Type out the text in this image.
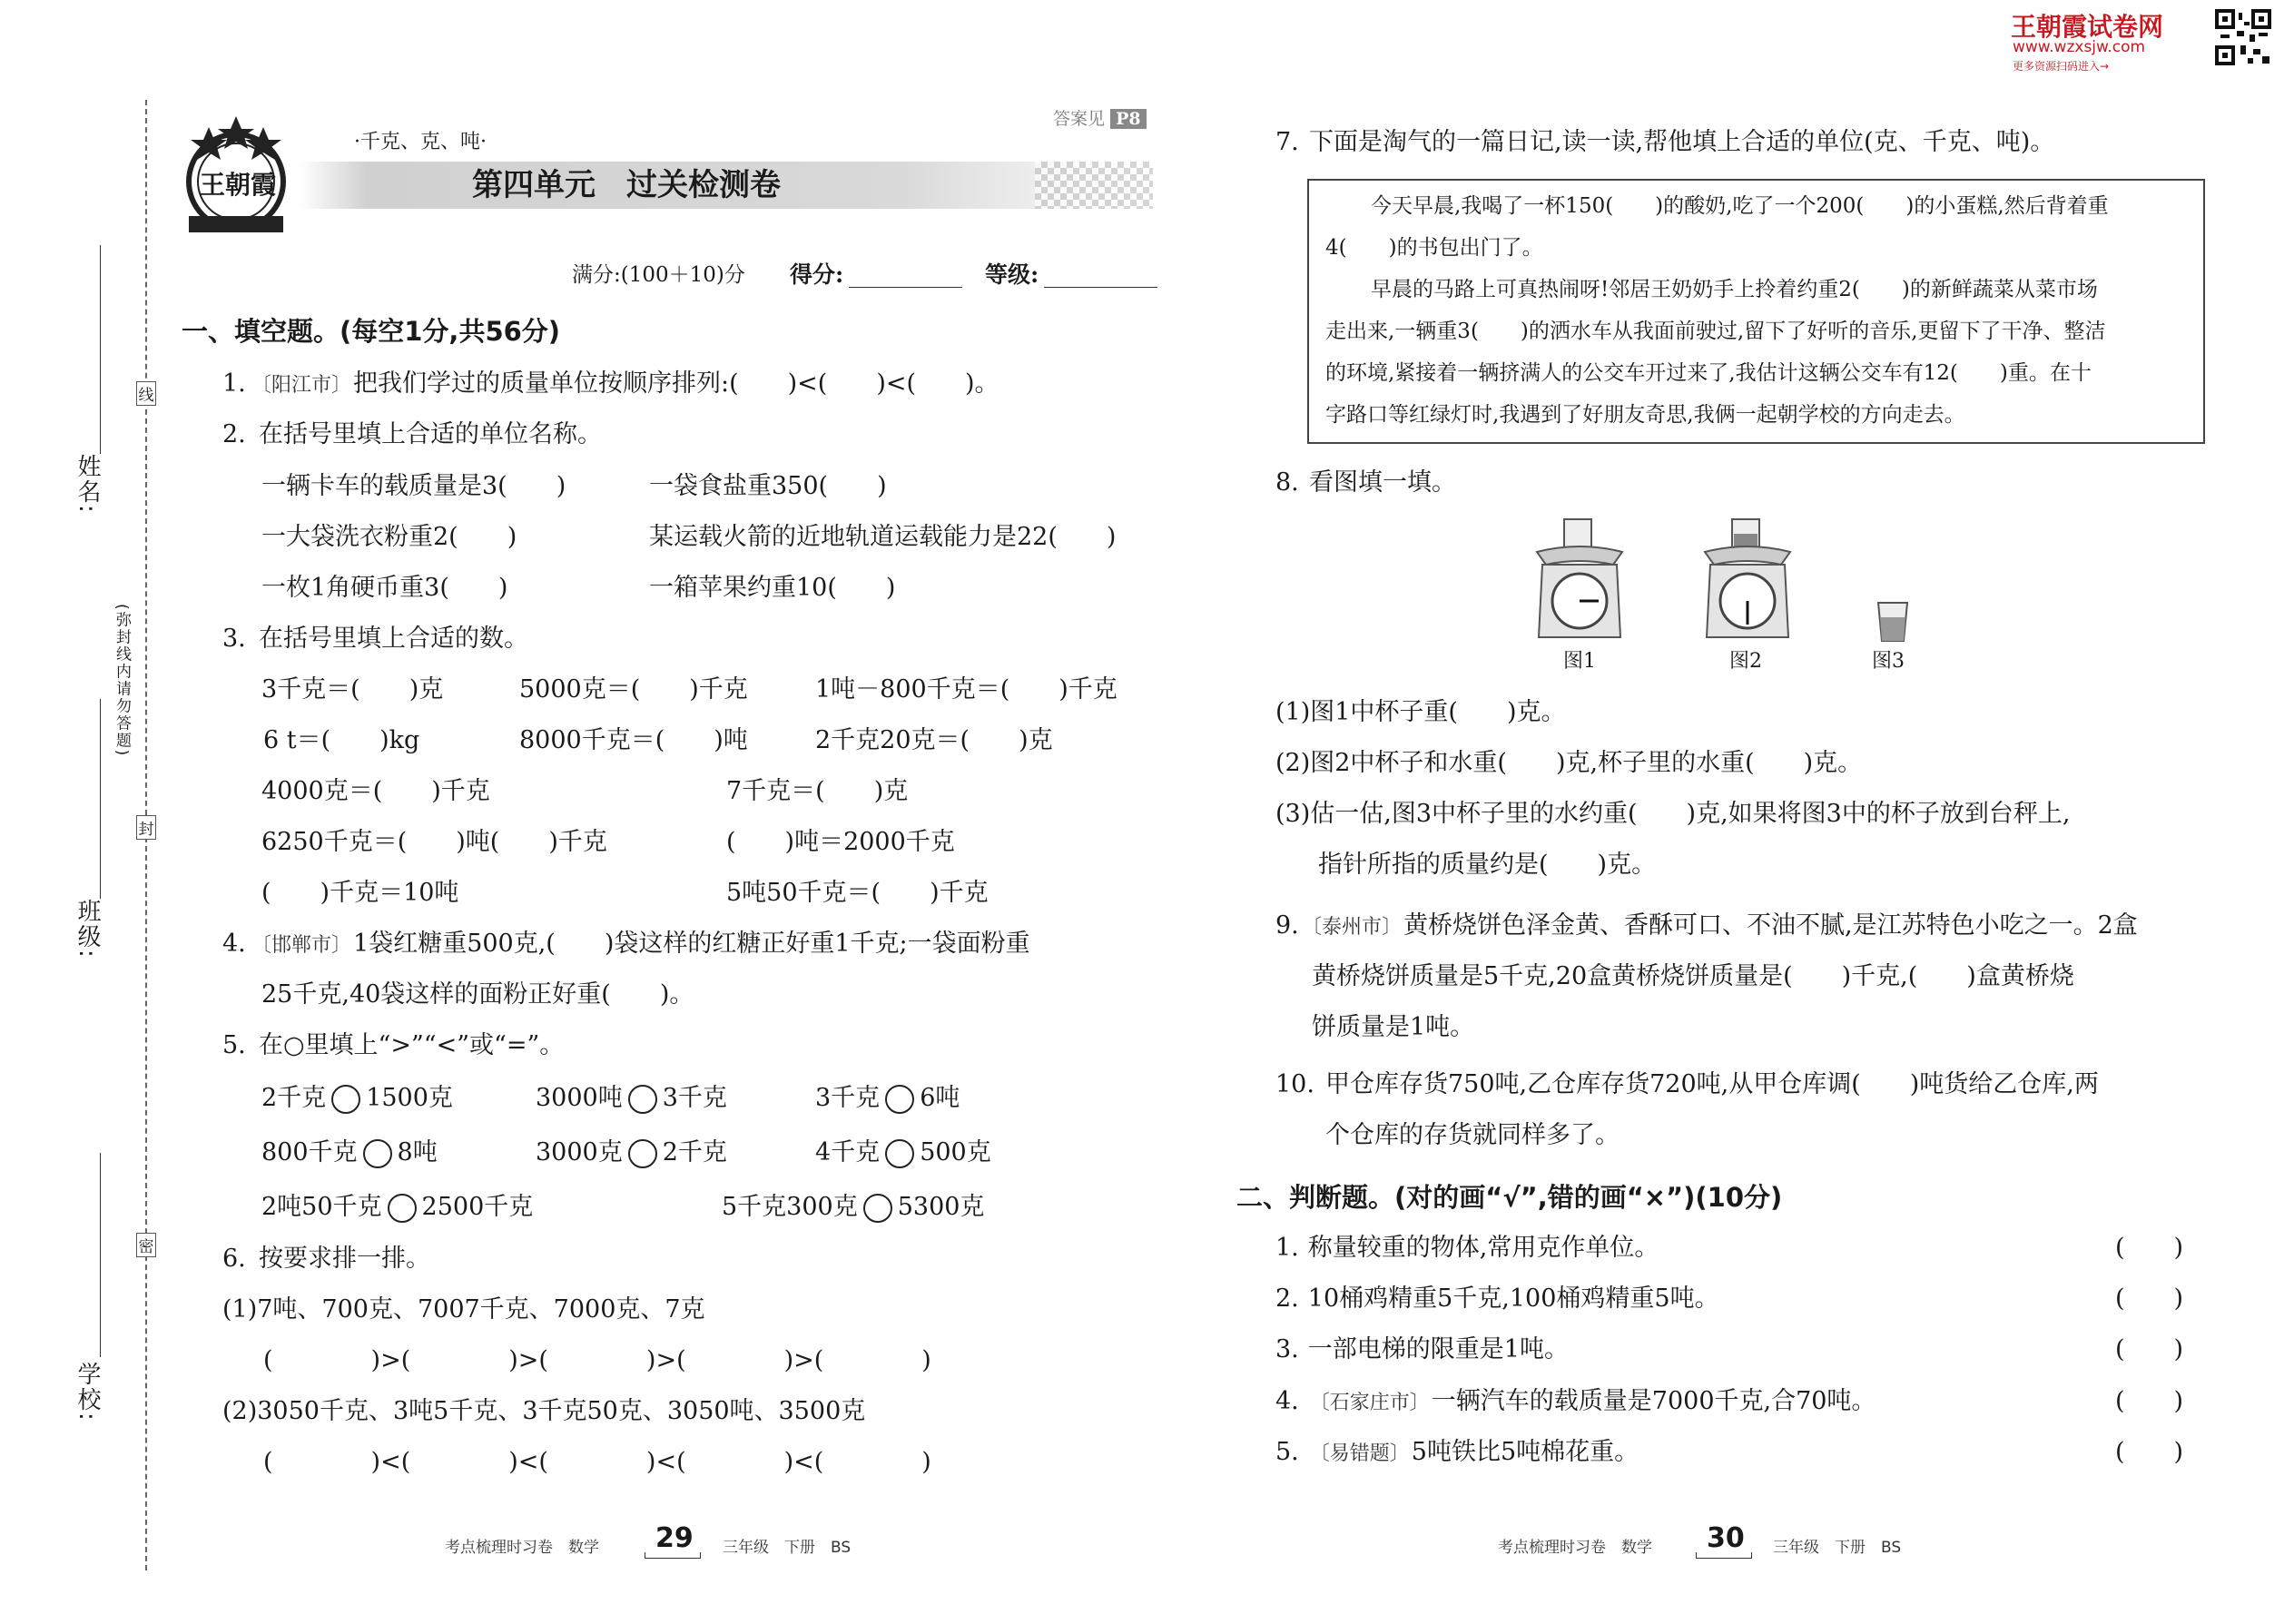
王朝霞试卷网
www.wzxsjw.com
更多资源扫码进入→
姓名:
班级:
学校:
(弥封线内请勿答题)
线
封
密
王朝霞
·千克、克、吨·
答案见 P8
第四单元　过关检测卷
满分:(100＋10)分 得分:	等级:
一、填空题。(每空1分,共56分)
1. 〔阳江市〕把我们学过的质量单位按顺序排列:(　　)<(　　)<(　　)。
2. 在括号里填上合适的单位名称。
一辆卡车的载质量是3(　　)	一袋食盐重350(　　)
一大袋洗衣粉重2(　　)	某运载火箭的近地轨道运载能力是22(　　)
一枚1角硬币重3(　　)	一箱苹果约重10(　　)
3. 在括号里填上合适的数。
3千克＝(　　)克	5000克＝(　　)千克	1吨－800千克＝(　　)千克
6 t＝(　　)kg	8000千克＝(　　)吨	2千克20克＝(　　)克
4000克＝(　　)千克	7千克＝(　　)克
6250千克＝(　　)吨(　　)千克	(　　)吨＝2000千克
(　　)千克＝10吨	5吨50千克＝(　　)千克
4. 〔邯郸市〕1袋红糖重500克,(　　)袋这样的红糖正好重1千克;一袋面粉重
25千克,40袋这样的面粉正好重(　　)。
5. 在○里填上“>”“<”或“=”。
2千克 1500克	3000吨 3千克	3千克 6吨
800千克 8吨	3000克 2千克	4千克 500克
2吨50千克 2500千克	5千克300克 5300克
6. 按要求排一排。
(1)7吨、700克、7007千克、7000克、7克
(　　　　)>(　　　　)>(　　　　)>(　　　　)>(　　　　)
(2)3050千克、3吨5千克、3千克50克、3050吨、3500克
(　　　　)<(　　　　)<(　　　　)<(　　　　)<(　　　　)
考点梳理时习卷　数学 29 三年级　下册　BS
7. 下面是淘气的一篇日记,读一读,帮他填上合适的单位(克、千克、吨)。
今天早晨,我喝了一杯150(　　)的酸奶,吃了一个200(　　)的小蛋糕,然后背着重
4(　　)的书包出门了。
早晨的马路上可真热闹呀!邻居王奶奶手上拎着约重2(　　)的新鲜蔬菜从菜市场
走出来,一辆重3(　　)的洒水车从我面前驶过,留下了好听的音乐,更留下了干净、整洁
的环境,紧接着一辆挤满人的公交车开过来了,我估计这辆公交车有12(　　)重。在十
字路口等红绿灯时,我遇到了好朋友奇思,我俩一起朝学校的方向走去。
8. 看图填一填。
图1	图2	图3
(1)图1中杯子重(　　)克。
(2)图2中杯子和水重(　　)克,杯子里的水重(　　)克。
(3)估一估,图3中杯子里的水约重(　　)克,如果将图3中的杯子放到台秤上,
指针所指的质量约是(　　)克。
9. 〔泰州市〕黄桥烧饼色泽金黄、香酥可口、不油不腻,是江苏特色小吃之一。2盒
黄桥烧饼质量是5千克,20盒黄桥烧饼质量是(　　)千克,(　　)盒黄桥烧
饼质量是1吨。
10. 甲仓库存货750吨,乙仓库存货720吨,从甲仓库调(　　)吨货给乙仓库,两
个仓库的存货就同样多了。
二、判断题。(对的画“√”,错的画“×”)(10分)
1. 称量较重的物体,常用克作单位。	(　　)
2. 10桶鸡精重5千克,100桶鸡精重5吨。	(　　)
3. 一部电梯的限重是1吨。	(　　)
4. 〔石家庄市〕一辆汽车的载质量是7000千克,合70吨。	(　　)
5. 〔易错题〕5吨铁比5吨棉花重。	(　　)
考点梳理时习卷　数学 30 三年级　下册　BS
